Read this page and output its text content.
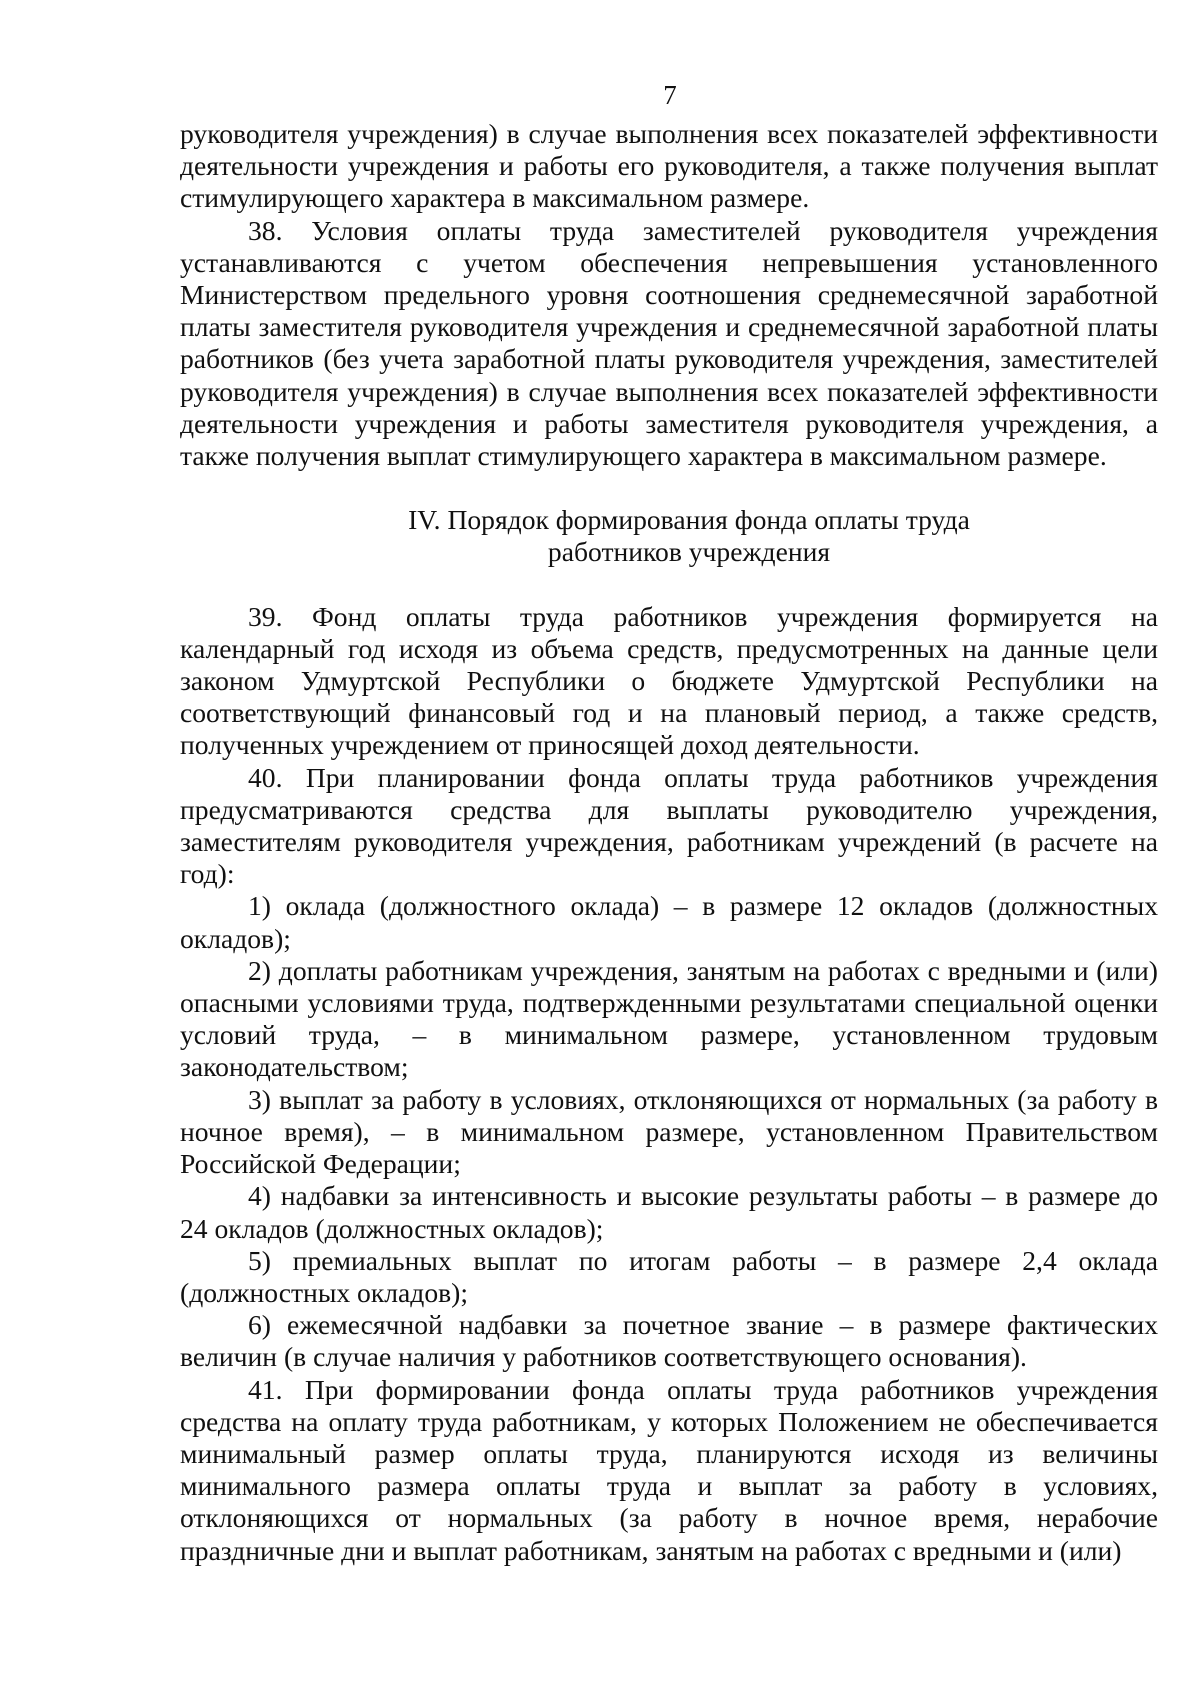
7

руководителя учреждения) в случае выполнения всех показателей эффективности деятельности учреждения и работы его руководителя, а также получения выплат стимулирующего характера в максимальном размере.

38. Условия оплаты труда заместителей руководителя учреждения устанавливаются с учетом обеспечения непревышения установленного Министерством предельного уровня соотношения среднемесячной заработной платы заместителя руководителя учреждения и среднемесячной заработной платы работников (без учета заработной платы руководителя учреждения, заместителей руководителя учреждения) в случае выполнения всех показателей эффективности деятельности учреждения и работы заместителя руководителя учреждения, а также получения выплат стимулирующего характера в максимальном размере.

IV. Порядок формирования фонда оплаты труда
работников учреждения

39. Фонд оплаты труда работников учреждения формируется на календарный год исходя из объема средств, предусмотренных на данные цели законом Удмуртской Республики о бюджете Удмуртской Республики на соответствующий финансовый год и на плановый период, а также средств, полученных учреждением от приносящей доход деятельности.

40. При планировании фонда оплаты труда работников учреждения предусматриваются средства для выплаты руководителю учреждения, заместителям руководителя учреждения, работникам учреждений (в расчете на год):

1) оклада (должностного оклада) – в размере 12 окладов (должностных окладов);

2) доплаты работникам учреждения, занятым на работах с вредными и (или) опасными условиями труда, подтвержденными результатами специальной оценки условий труда, – в минимальном размере, установленном трудовым законодательством;

3) выплат за работу в условиях, отклоняющихся от нормальных (за работу в ночное время), – в минимальном размере, установленном Правительством Российской Федерации;

4) надбавки за интенсивность и высокие результаты работы – в размере до 24 окладов (должностных окладов);

5) премиальных выплат по итогам работы – в размере 2,4 оклада (должностных окладов);

6) ежемесячной надбавки за почетное звание – в размере фактических величин (в случае наличия у работников соответствующего основания).

41. При формировании фонда оплаты труда работников учреждения средства на оплату труда работникам, у которых Положением не обеспечивается минимальный размер оплаты труда, планируются исходя из величины минимального размера оплаты труда и выплат за работу в условиях, отклоняющихся от нормальных (за работу в ночное время, нерабочие праздничные дни и выплат работникам, занятым на работах с вредными и (или)
